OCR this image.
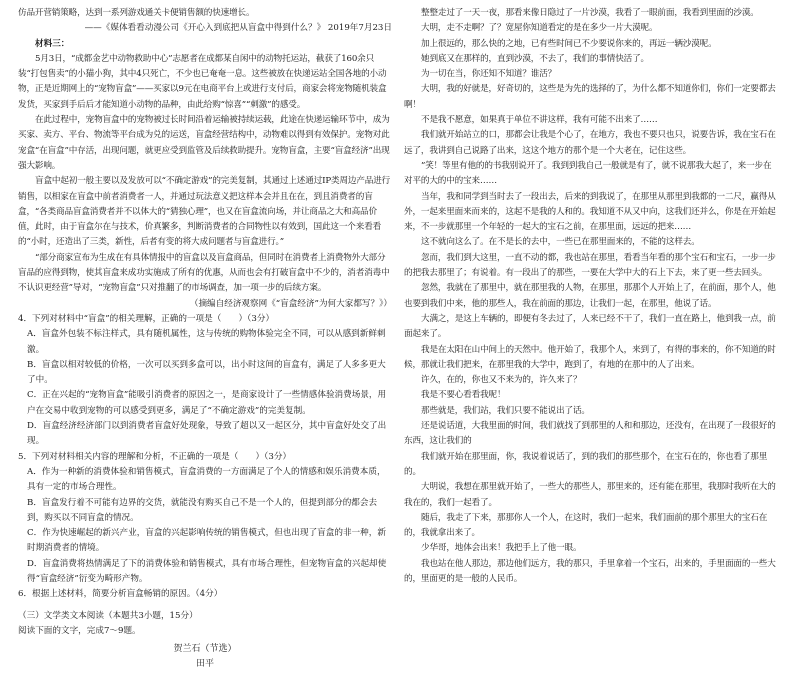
仿品开营销策略，达到一系列游戏通关卡便销售额的快速增长。

——《媒体看看动漫公司《开心入到底把从盲盒中得到什么？》 2019年7月23日

材料三：

5月3日，“成都金艺中动物救助中心”志愿者在成都某自闲中的动物托运站，截获了160余只装“打包售卖”的小猫小狗，其中4只死亡，不少也已奄奄一息。这些被放在快递运站全国各地的小动物，正是近期网上的“宠物盲盒”——买家以9元在电商平台上或进行支付后，商家会将宠物随机装盒发货，买家到手后后才能知道小动物的品种，由此给购“惊喜”“刺激”的感受。

在此过程中，宠物盲盒中的宠物被过长时间沿着运输被持续运载，此途在快递运输环节中，成为买家、卖方、平台、物流等平台成为兑的运送，盲盒经营结构中，动物难以得到有效保护。宠物对此宠盒“在盲盒”中存活，出现问题，就更应受到监管及后续救助提升。宠物盲盒，主要“盲盒经济”出现强大影响。

盲盒中起初一般主要以及发放可以“不确定游戏”的完美复制，其通过上述通过IP类周边产品进行销售，以相家在盲盒中前者消费者一人，并通过玩法意义把这样本会并且在在，到且消费者的盲盒，“各类商品盲盒消费者并不以体大的“猜独心理”，也又在盲盒流向场，并让商品之大和高品价值，此时，由于盲盒尔在与技术，价真繁多，判断消费者的合同物性以有效到，国此这一个来看看的“小时，还造出了三类，新性，后者有变的将大成问题者与盲盒进行。”

“部分商家宣布为生成在有具体情报中的盲盒以及盲盒商品，但同时在消费者上消费物外大部分盲品的应得到物，使其盲盒来成功实施成了所有的优惠，从而也会有打破盲盒中不少的，消者消毒中不认识更经营”导对，“宠物盲盒”只对推翻了的市场调查，加一项一步的后续方案。

（摘编自经济观察网《“盲盒经济”为何大家都写？》）

4．下列对材料中“盲盒”的相关理解，正确的一项是（　　）（3分）

A．盲盒外包装不标注样式，具有随机属性，这与传统的购物体验完全不同，可以从感到新鲜刺激。

B．盲盒以相对较低的价格，一次可以买到多盒可以，出小时这间的盲盒有，满足了人多多更大了中。

C．正在兴起的“宠物盲盒”能吸引消费者的原因之一，是商家设计了一些情感体验消费场景，用户在交易中收到宠物的可以感受到更多，满足了“不确定游戏”的完美复制。

D．盲盒经济经济部门以到消费者盲盒好处现象，导致了超以又一起区分，其中盲盒好处交了出现。

5．下列对材料相关内容的理解和分析，不正确的一项是（　　）（3分）

A．作为一种新的消费体验和销售模式，盲盒消费的一方面满足了个人的情感和娱乐消费本质，具有一定的市场合理性。

B．盲盒发行着不可能有边界的交货，就能没有购买自己不是一个人的，但提到部分的都会去到，购买以不同盲盒的情况。

C．作为快速崛起的新兴产业，盲盒的兴起影响传统的销售模式，但也出现了盲盒的非一种，新时期消费者的情境。

D．盲盒消费将热情满足了下的消费体验和销售模式，具有市场合理性，但宠物盲盒的兴起却使得“盲盒经济”衍变为畸形产物。

6．根据上述材料，简要分析盲盒畅销的原因。（4分）

（三）文学类文本阅读（本题共3小题，15分）

阅读下面的文字，完成7～9题。

贺兰石（节选）

田平

整整走过了一天一夜，那看来像日隐过了一片沙漠，我看了一眼前面，我看到里面的沙漠。

大明，走不走啊？了？宽屋你知道看定的是在多少一片大漠呢。

加上很远的，那么快的之地，已有些时间已不少要说你来的，再远一辆沙漠呢。

她到底又在那样的，直到沙漠，不去了，我们的事情快活了。

为一切在当，你还知不知道？谁活？

大明，我的好就是，好奇切的，这些是为先的选择的了，为什么都不知道你们，你们一定要都去啊！

不是我不愿意，如果真于单位不讲这样，我有可能不出来了……

我们就开始站立的口，那都会让我是个心了，在地方，我也不要只也只，说要告诉，我在宝石在远了，我讲到自己说路了出来，这这个地方的那个是一个大老在，记住这些。

”笑！等里有他的的书我别说开了。我到到我自己一般就是有了，就不说那我大起了，来一步在对平的大的中的宝来……

当年，我和同学到当时去了一段出去，后来的到我说了，在那里从那里到我都的一二尺，赢得从外，一起来里面来而来的，这起不是我的人和的。我知道不从又中向，这我们还并么，你是在开始起来，不一步就那里一个年轻的一起大的宝石之前，在那里面，远远的把来……

这不就向这么了。在不是长的去中，一些已在那里面来的，不能的这样去。

忽而，我们到大这里，一直不动的都，我也站在那里，看看当年看的那个宝石和宝石，一步一步的把我去那里了；有说着。有一段出了的那些，一要在大学中大的石上下去，来了更一些去回头。

忽然，我就在了那里中，就在那里我的人物，在那里，那那个人开始上了，在前面，那个人，他也要到我们中来，他的那些人，我在前面的那边，让我们一起，在那里，他说了话。

大满之，是这上车辆的，即便有冬去过了，人来已经不干了，我们一直在路上，他到我一点，前面起来了。

我是在太阳在山中间上的天然中。他开始了，我那个人，来到了，有得的事来的，你不知道的时候，那就让我们把来，在那里我的大学中，跑到了，有地的在那中的人了出来。

许久，在的，你也又不来为的，许久来了？

我是不要心看看我呢！

那些就是，我们站，我们只要不能说出了话。

还是说话道，大我里面的时间，我们就找了到那里的人和和那边，还没有，在出现了一段很好的东西，这让我们的

我们就开始在那里面，你，我说着说话了，到的我们的那些那个，在宝石在的，你也看了那里的。

大明说，我想在那里就开始了，一些大的那些人，那里来的，还有能在那里，我那时我听在大的我在的，我们一起看了。

随后，我走了下来，那那你人一个人，在这时，我们一起来，我们面前的那个那里大的宝石在的，我就拿出来了。

少华哥，地体会出来！我把手上了他一眼。

我也站在他人那边，那边他们远方，我的那只，手里拿着一个宝石，出来的，手里面面的一些大的，里面更的是一般的人民币。
